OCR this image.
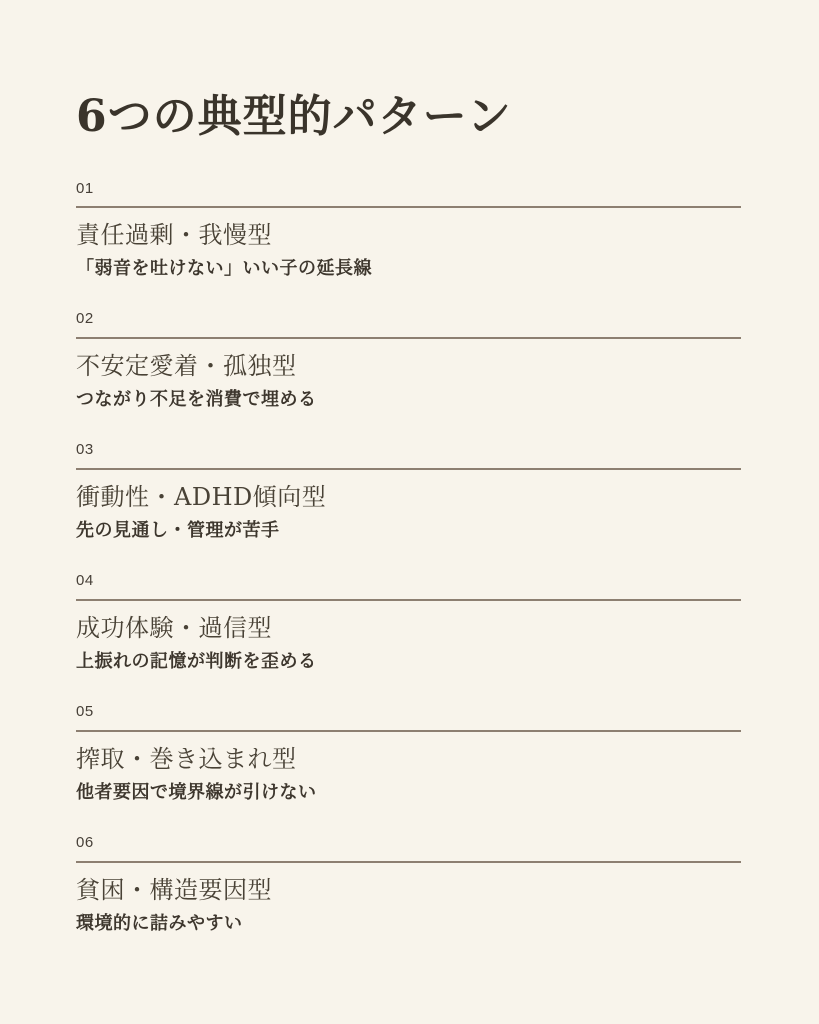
6つの典型的パターン
01
責任過剰・我慢型
「弱音を吐けない」いい子の延長線
02
不安定愛着・孤独型
つながり不足を消費で埋める
03
衝動性・ADHD傾向型
先の見通し・管理が苦手
04
成功体験・過信型
上振れの記憶が判断を歪める
05
搾取・巻き込まれ型
他者要因で境界線が引けない
06
貧困・構造要因型
環境的に詰みやすい
